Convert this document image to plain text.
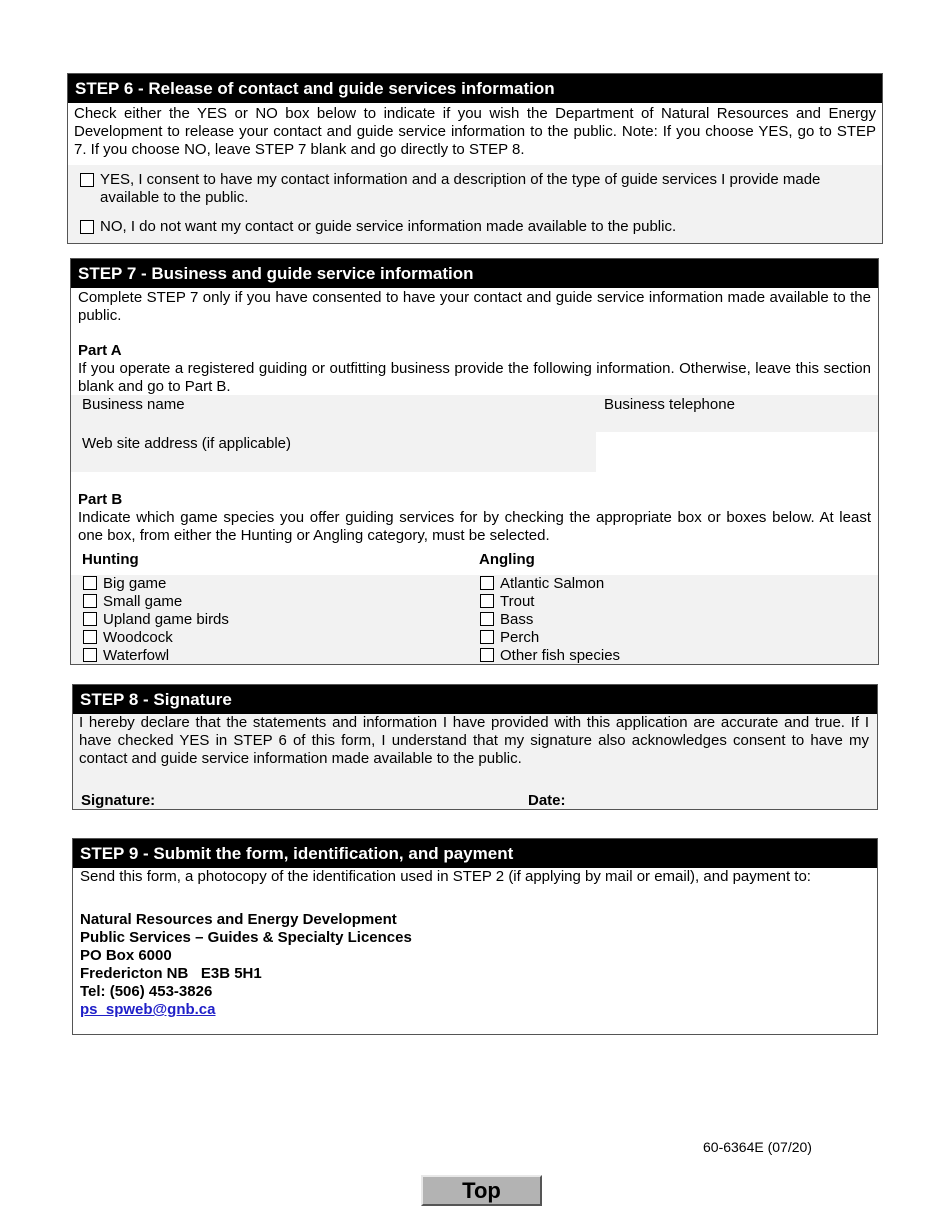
STEP 6 - Release of contact and guide services information
Check either the YES or NO box below to indicate if you wish the Department of Natural Resources and Energy Development to release your contact and guide service information to the public. Note: If you choose YES, go to STEP 7. If you choose NO, leave STEP 7 blank and go directly to STEP 8.
YES, I consent to have my contact information and a description of the type of guide services I provide made available to the public.
NO, I do not want my contact or guide service information made available to the public.
STEP 7 - Business and guide service information
Complete STEP 7 only if you have consented to have your contact and guide service information made available to the public.
Part A
If you operate a registered guiding or outfitting business provide the following information. Otherwise, leave this section blank and go to Part B.
Business name	Business telephone
Web site address (if applicable)
Part B
Indicate which game species you offer guiding services for by checking the appropriate box or boxes below. At least one box, from either the Hunting or Angling category, must be selected.
Hunting	Angling
Big game
Small game
Upland game birds
Woodcock
Waterfowl
Atlantic Salmon
Trout
Bass
Perch
Other fish species
STEP 8 - Signature
I hereby declare that the statements and information I have provided with this application are accurate and true. If I have checked YES in STEP 6 of this form, I understand that my signature also acknowledges consent to have my contact and guide service information made available to the public.
Signature:	Date:
STEP 9 - Submit the form, identification, and payment
Send this form, a photocopy of the identification used in STEP 2 (if applying by mail or email), and payment to:
Natural Resources and Energy Development
Public Services – Guides & Specialty Licences
PO Box 6000
Fredericton NB   E3B 5H1
Tel: (506) 453-3826
ps_spweb@gnb.ca
60-6364E (07/20)
Top
